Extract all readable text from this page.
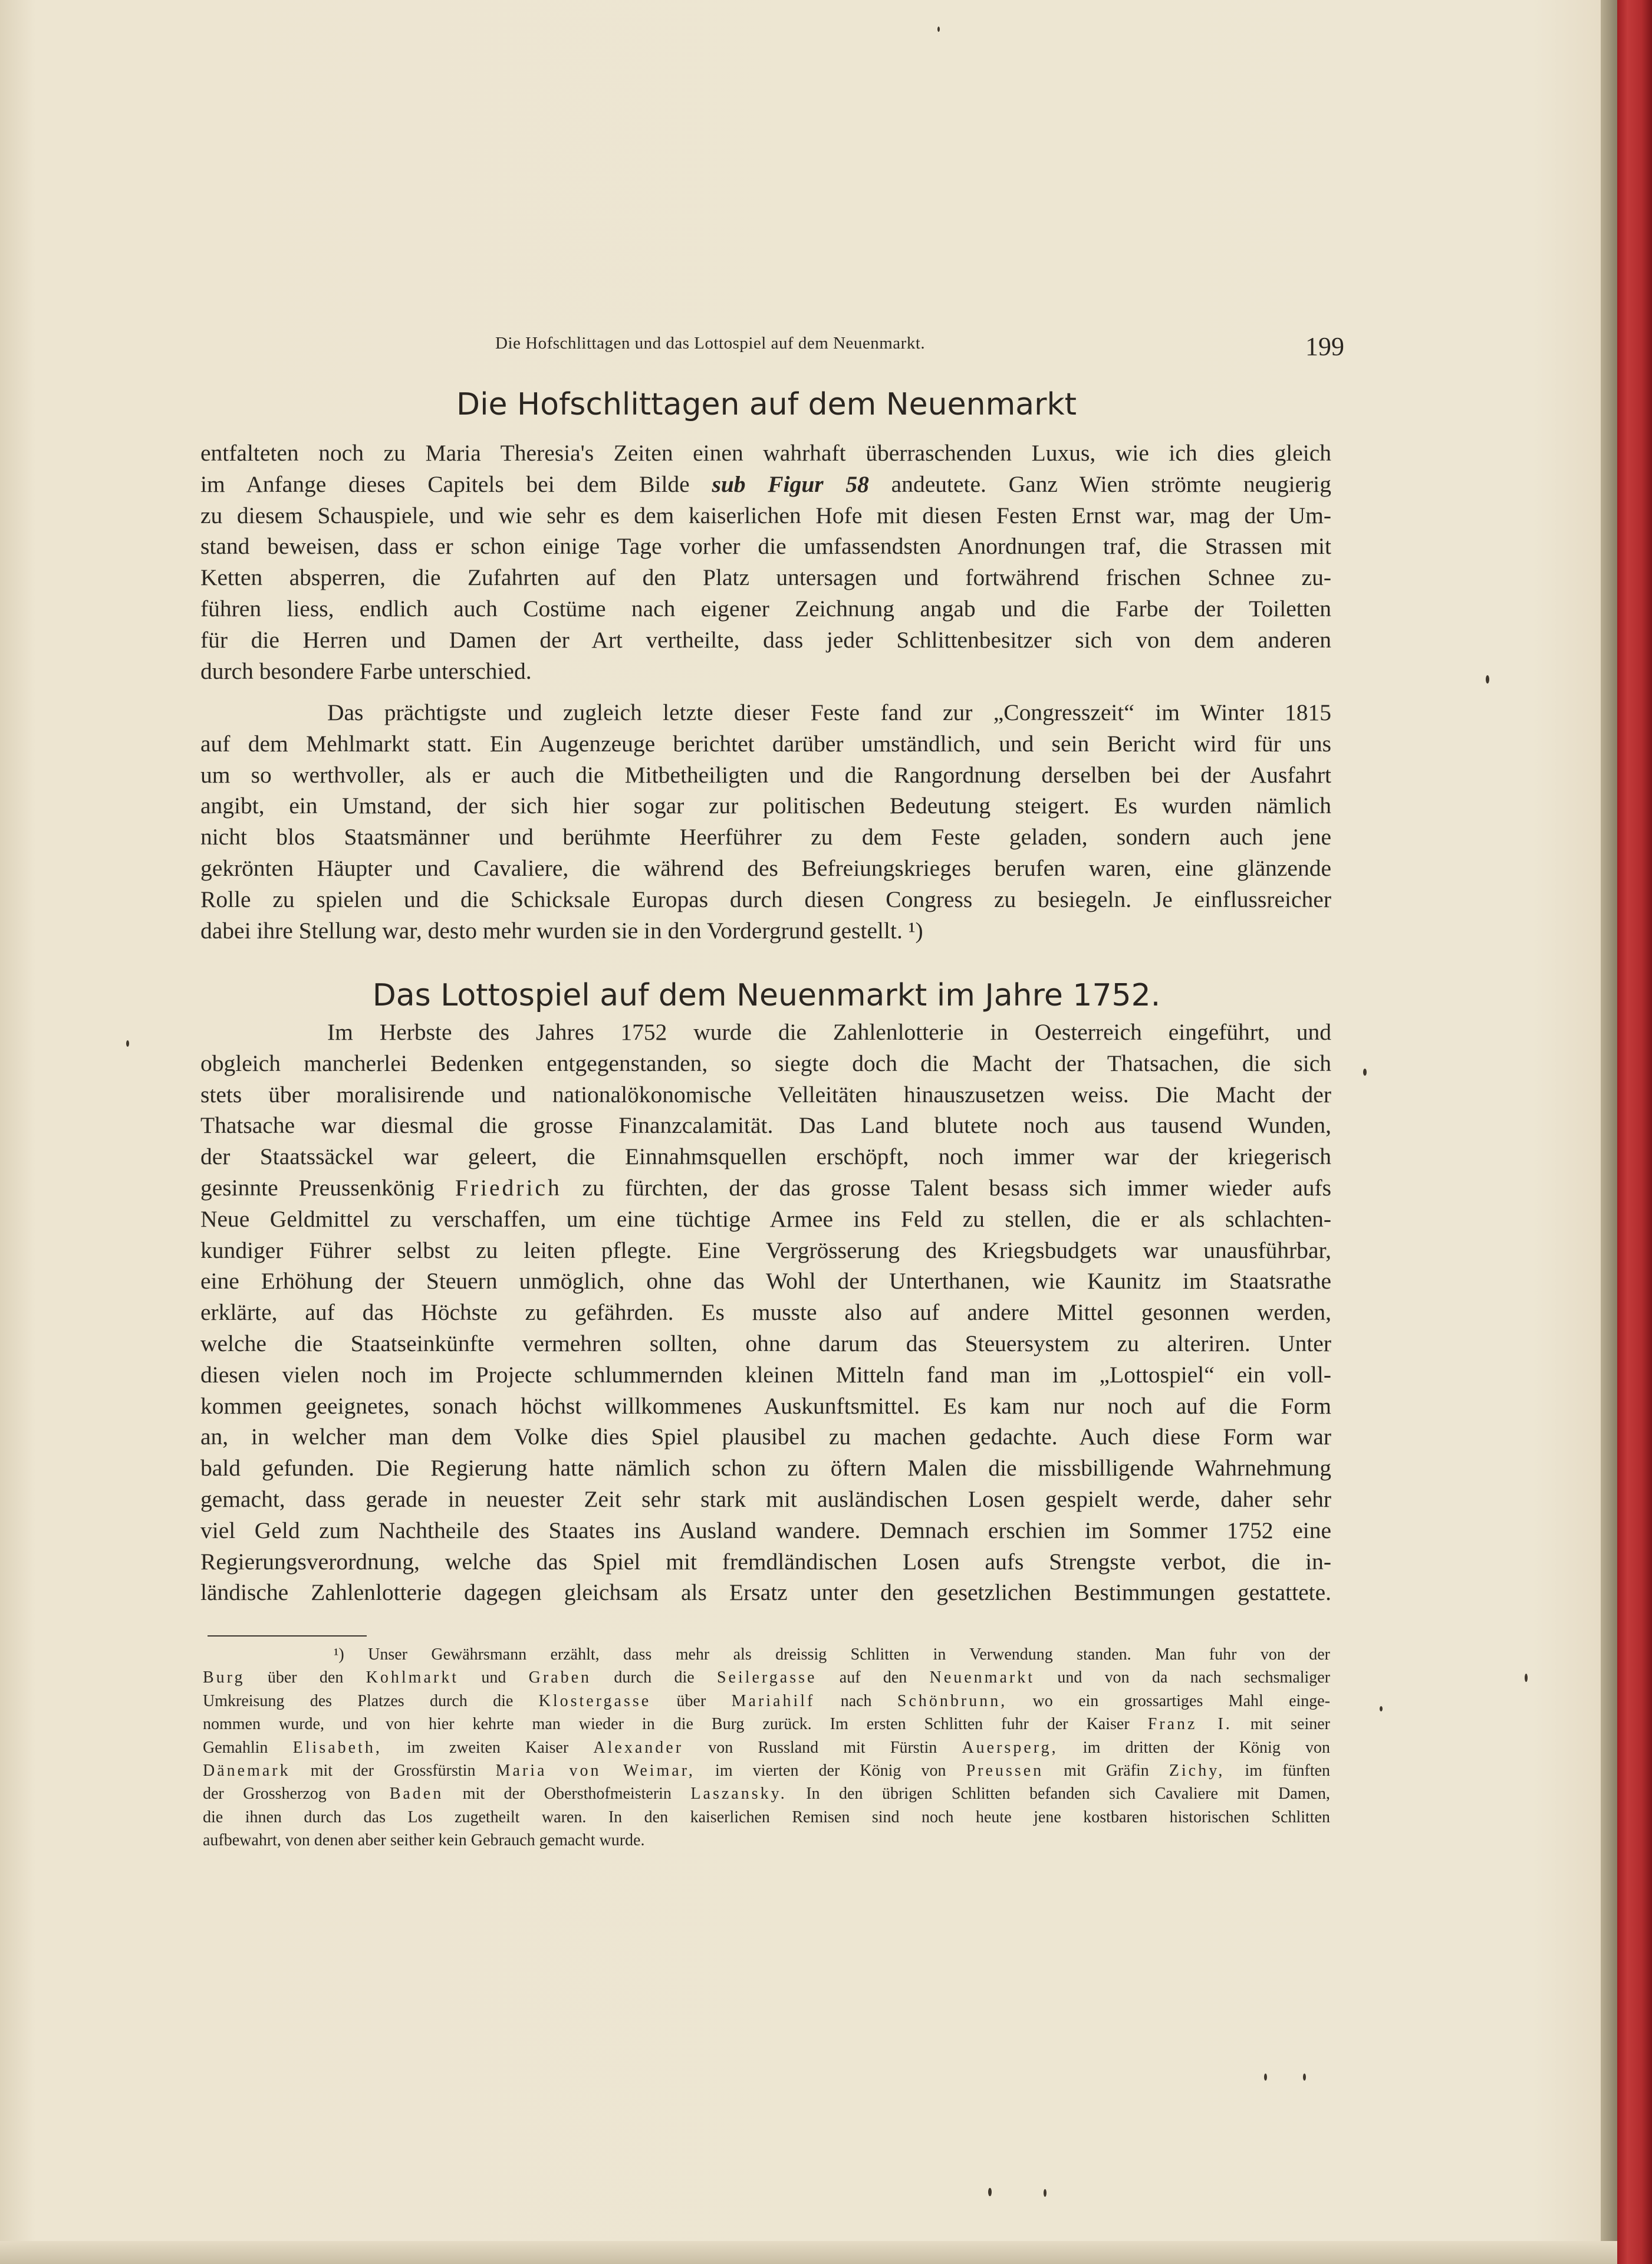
Die Hofschlittagen und das Lottospiel auf dem Neuenmarkt.	199
Die Hofschlittagen auf dem Neuenmarkt
entfalteten noch zu Maria Theresia's Zeiten einen wahrhaft überraschenden Luxus, wie ich dies gleich
im Anfange dieses Capitels bei dem Bilde sub Figur 58 andeutete. Ganz Wien strömte neugierig
zu diesem Schauspiele, und wie sehr es dem kaiserlichen Hofe mit diesen Festen Ernst war, mag der Um-
stand beweisen, dass er schon einige Tage vorher die umfassendsten Anordnungen traf, die Strassen mit
Ketten absperren, die Zufahrten auf den Platz untersagen und fortwährend frischen Schnee zu-
führen liess, endlich auch Costüme nach eigener Zeichnung angab und die Farbe der Toiletten
für die Herren und Damen der Art vertheilte, dass jeder Schlittenbesitzer sich von dem anderen
durch besondere Farbe unterschied.
Das prächtigste und zugleich letzte dieser Feste fand zur „Congresszeit“ im Winter 1815
auf dem Mehlmarkt statt. Ein Augenzeuge berichtet darüber umständlich, und sein Bericht wird für uns
um so werthvoller, als er auch die Mitbetheiligten und die Rangordnung derselben bei der Ausfahrt
angibt, ein Umstand, der sich hier sogar zur politischen Bedeutung steigert. Es wurden nämlich
nicht blos Staatsmänner und berühmte Heerführer zu dem Feste geladen, sondern auch jene
gekrönten Häupter und Cavaliere, die während des Befreiungskrieges berufen waren, eine glänzende
Rolle zu spielen und die Schicksale Europas durch diesen Congress zu besiegeln. Je einflussreicher
dabei ihre Stellung war, desto mehr wurden sie in den Vordergrund gestellt. ¹)
Das Lottospiel auf dem Neuenmarkt im Jahre 1752.
Im Herbste des Jahres 1752 wurde die Zahlenlotterie in Oesterreich eingeführt, und
obgleich mancherlei Bedenken entgegenstanden, so siegte doch die Macht der Thatsachen, die sich
stets über moralisirende und nationalökonomische Velleitäten hinauszusetzen weiss. Die Macht der
Thatsache war diesmal die grosse Finanzcalamität. Das Land blutete noch aus tausend Wunden,
der Staatssäckel war geleert, die Einnahmsquellen erschöpft, noch immer war der kriegerisch
gesinnte Preussenkönig Friedrich zu fürchten, der das grosse Talent besass sich immer wieder aufs
Neue Geldmittel zu verschaffen, um eine tüchtige Armee ins Feld zu stellen, die er als schlachten-
kundiger Führer selbst zu leiten pflegte. Eine Vergrösserung des Kriegsbudgets war unausführbar,
eine Erhöhung der Steuern unmöglich, ohne das Wohl der Unterthanen, wie Kaunitz im Staatsrathe
erklärte, auf das Höchste zu gefährden. Es musste also auf andere Mittel gesonnen werden,
welche die Staatseinkünfte vermehren sollten, ohne darum das Steuersystem zu alteriren. Unter
diesen vielen noch im Projecte schlummernden kleinen Mitteln fand man im „Lottospiel“ ein voll-
kommen geeignetes, sonach höchst willkommenes Auskunftsmittel. Es kam nur noch auf die Form
an, in welcher man dem Volke dies Spiel plausibel zu machen gedachte. Auch diese Form war
bald gefunden. Die Regierung hatte nämlich schon zu öftern Malen die missbilligende Wahrnehmung
gemacht, dass gerade in neuester Zeit sehr stark mit ausländischen Losen gespielt werde, daher sehr
viel Geld zum Nachtheile des Staates ins Ausland wandere. Demnach erschien im Sommer 1752 eine
Regierungsverordnung, welche das Spiel mit fremdländischen Losen aufs Strengste verbot, die in-
ländische Zahlenlotterie dagegen gleichsam als Ersatz unter den gesetzlichen Bestimmungen gestattete.
¹) Unser Gewährsmann erzählt, dass mehr als dreissig Schlitten in Verwendung standen. Man fuhr von der
Burg über den Kohlmarkt und Graben durch die Seilergasse auf den Neuenmarkt und von da nach sechsmaliger
Umkreisung des Platzes durch die Klostergasse über Mariahilf nach Schönbrunn, wo ein grossartiges Mahl einge-
nommen wurde, und von hier kehrte man wieder in die Burg zurück. Im ersten Schlitten fuhr der Kaiser Franz I. mit seiner
Gemahlin Elisabeth, im zweiten Kaiser Alexander von Russland mit Fürstin Auersperg, im dritten der König von
Dänemark mit der Grossfürstin Maria von Weimar, im vierten der König von Preussen mit Gräfin Zichy, im fünften
der Grossherzog von Baden mit der Obersthofmeisterin Laszansky. In den übrigen Schlitten befanden sich Cavaliere mit Damen,
die ihnen durch das Los zugetheilt waren. In den kaiserlichen Remisen sind noch heute jene kostbaren historischen Schlitten
aufbewahrt, von denen aber seither kein Gebrauch gemacht wurde.
